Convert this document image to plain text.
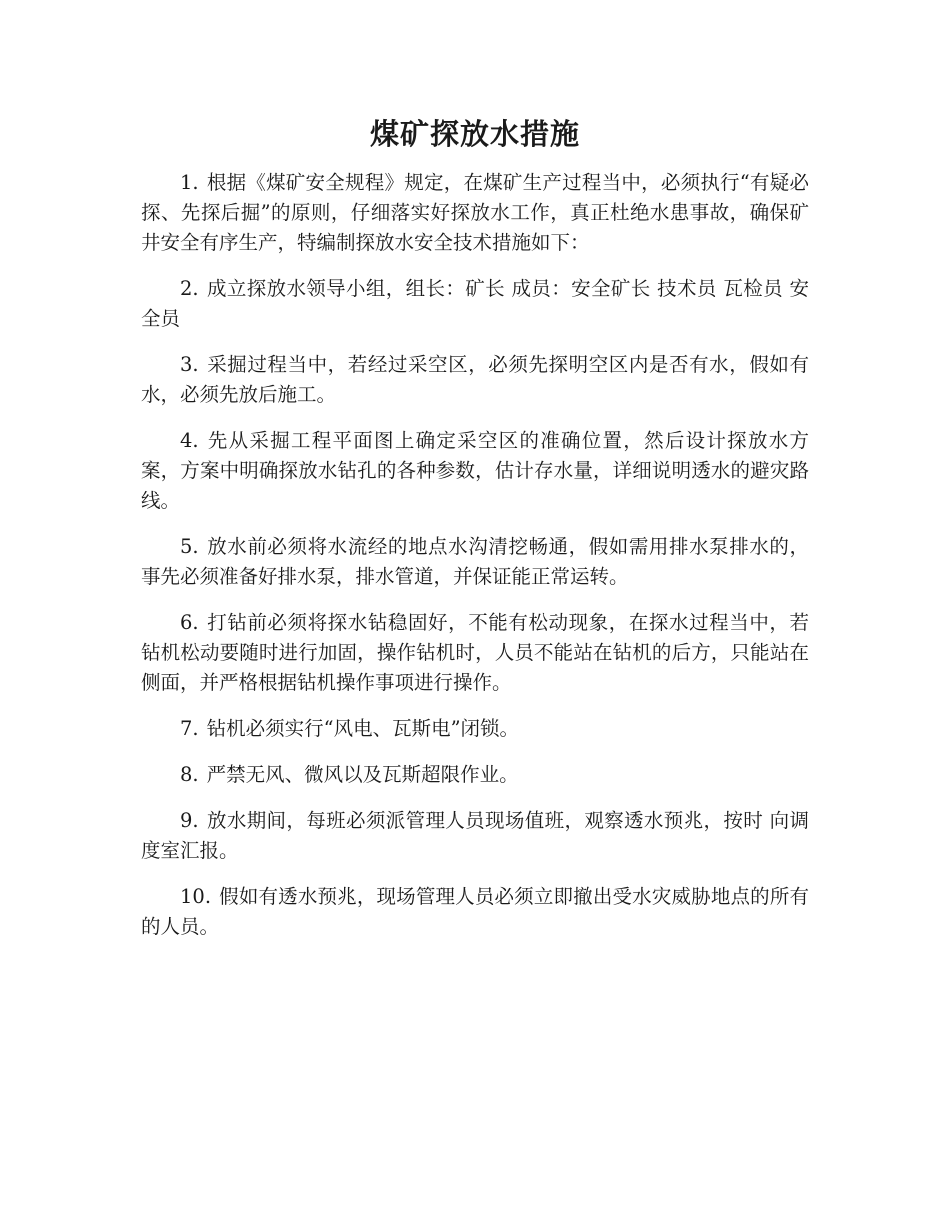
煤矿探放水措施

1. 根据《煤矿安全规程》规定，在煤矿生产过程当中，必须执行“有疑必探、先探后掘”的原则，仔细落实好探放水工作，真正杜绝水患事故，确保矿井安全有序生产，特编制探放水安全技术措施如下：

2. 成立探放水领导小组，组长：矿长 成员：安全矿长 技术员 瓦检员 安全员

3. 采掘过程当中，若经过采空区，必须先探明空区内是否有水，假如有水，必须先放后施工。

4. 先从采掘工程平面图上确定采空区的准确位置，然后设计探放水方案，方案中明确探放水钻孔的各种参数，估计存水量，详细说明透水的避灾路线。

5. 放水前必须将水流经的地点水沟清挖畅通，假如需用排水泵排水的，事先必须准备好排水泵，排水管道，并保证能正常运转。

6. 打钻前必须将探水钻稳固好，不能有松动现象，在探水过程当中，若钻机松动要随时进行加固，操作钻机时，人员不能站在钻机的后方，只能站在侧面，并严格根据钻机操作事项进行操作。

7. 钻机必须实行“风电、瓦斯电”闭锁。

8. 严禁无风、微风以及瓦斯超限作业。

9. 放水期间，每班必须派管理人员现场值班，观察透水预兆，按时 向调度室汇报。

10. 假如有透水预兆，现场管理人员必须立即撤出受水灾威胁地点的所有的人员。
